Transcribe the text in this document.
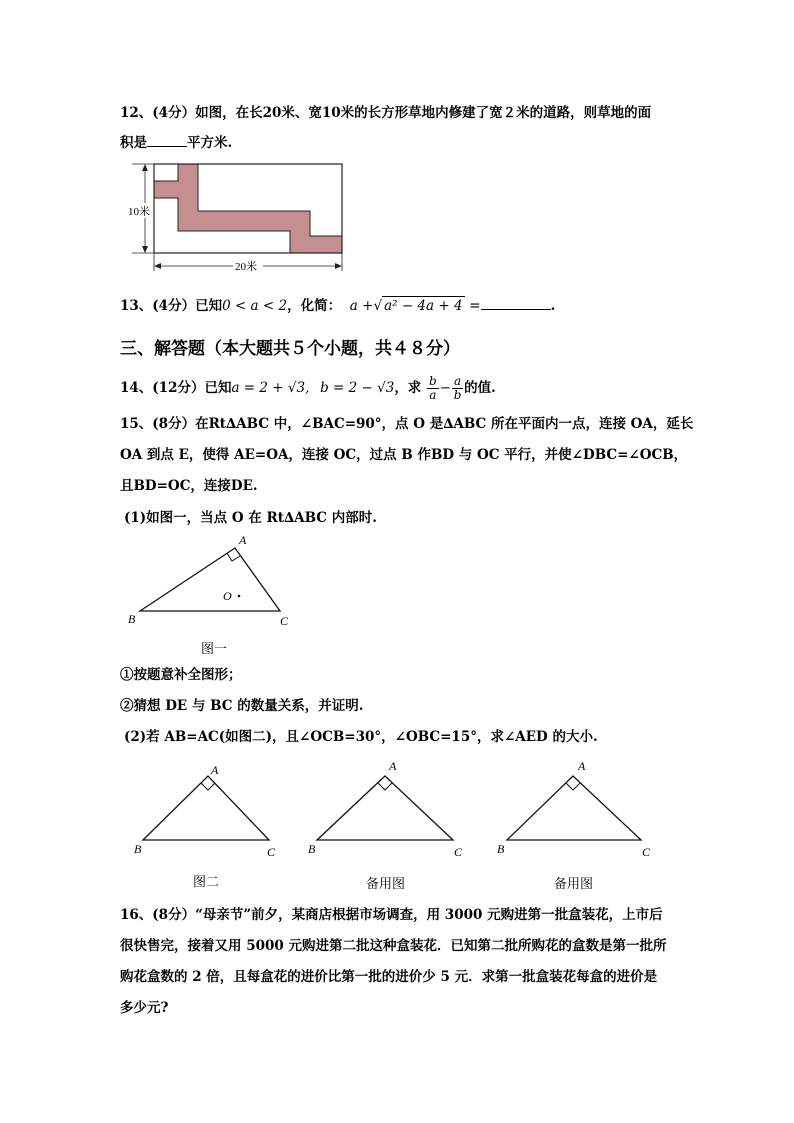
12、(4分）如图，在长20米、宽10米的长方形草地内修建了宽２米的道路，则草地的面
积是	平方米.
10米
20米
13、(4分）已知0 < a < 2，化简： a +√ a² − 4a + 4 =	.
三、解答题（本大题共５个小题，共４８分）
14、(12分）已知a = 2 + √3, b = 2 − √3，求 $\frac{b}{a} - \frac{a}{b}$ 的值.
15、(8分）在Rt∆ABC 中，∠BAC=90°，点 O 是∆ABC 所在平面内一点，连接 OA，延长
OA 到点 E，使得 AE=OA，连接 OC，过点 B 作BD 与 OC 平行，并使∠DBC=∠OCB，
且BD=OC，连接DE.
(1)如图一，当点 O 在 Rt∆ABC 内部时.
A
B	C
O
图一
①按题意补全图形；
②猜想 DE 与 BC 的数量关系，并证明.
(2)若 AB=AC(如图二)，且∠OCB=30°，∠OBC=15°，求∠AED 的大小.
A
B	C
图二
A
B	C
备用图
A
B	C
备用图
16、(8分）“母亲节”前夕，某商店根据市场调查，用 3000 元购进第一批盒装花，上市后
很快售完，接着又用 5000 元购进第二批这种盒装花．已知第二批所购花的盒数是第一批所
购花盒数的 2 倍，且每盒花的进价比第一批的进价少 5 元．求第一批盒装花每盒的进价是
多少元?
